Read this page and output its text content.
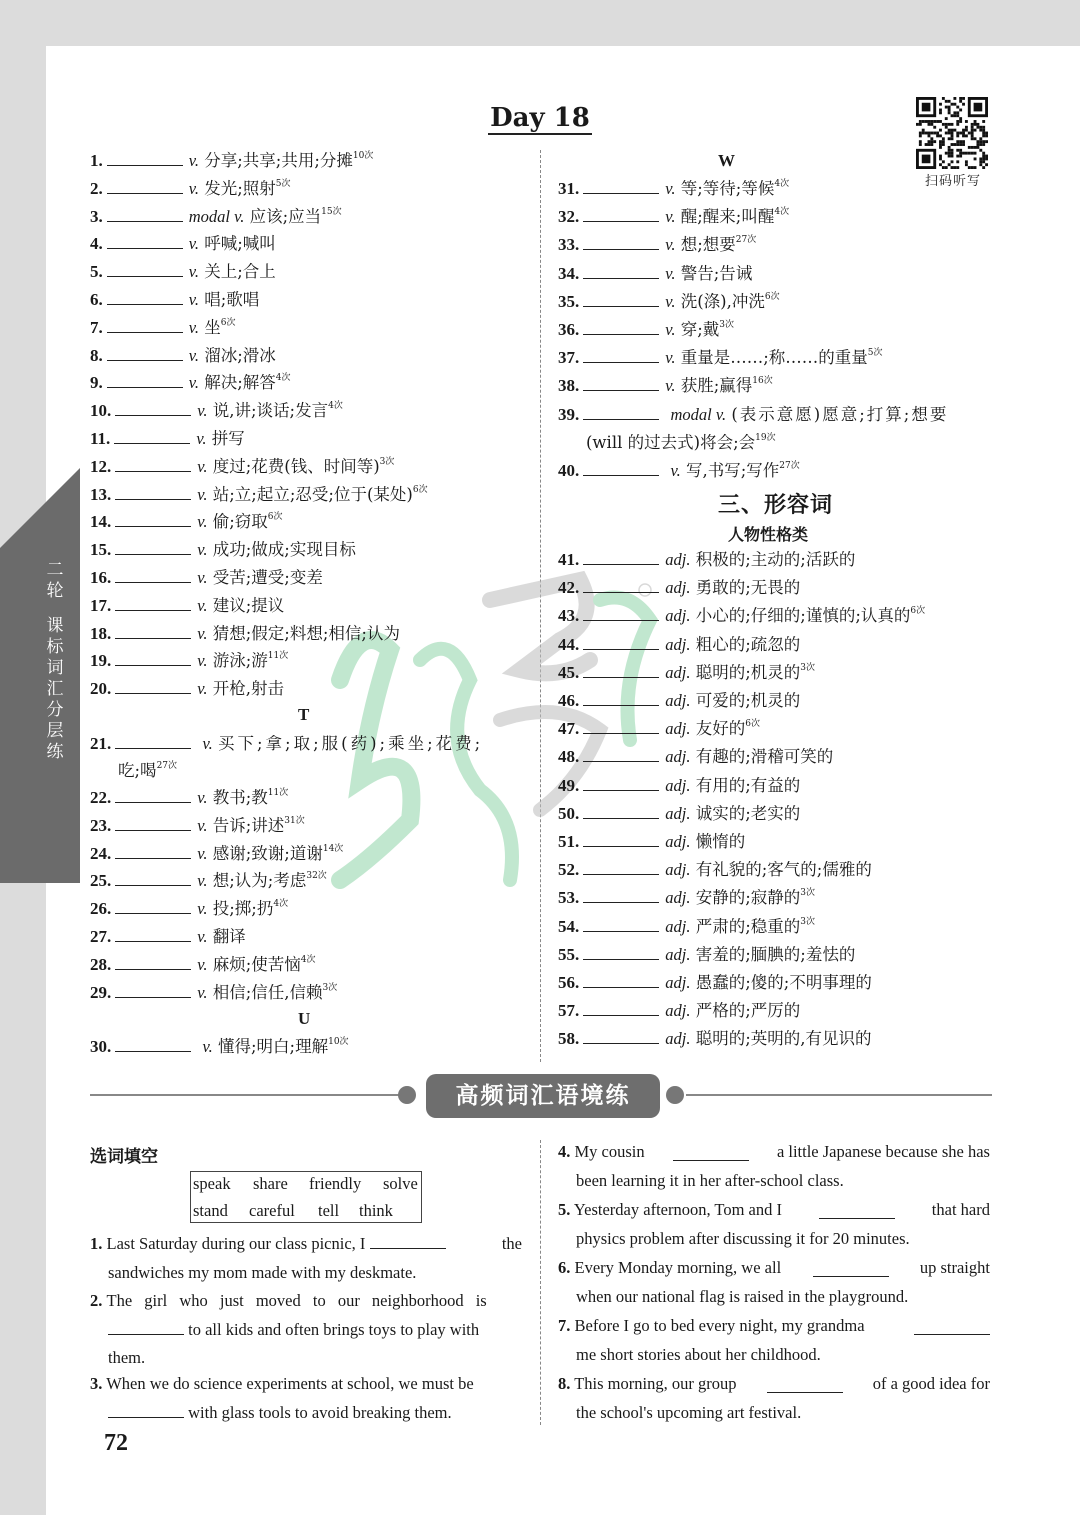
二
轮
课
标
词
汇
分
层
练
Day 18
扫码听写
1.	v. 分享;共享;共用;分摊$^{10次}$
2.	v. 发光;照射$^{5次}$
3.	modal v. 应该;应当$^{15次}$
4.	v. 呼喊;喊叫
5.	v. 关上;合上
6.	v. 唱;歌唱
7.	v. 坐$^{6次}$
8.	v. 溜冰;滑冰
9.	v. 解决;解答$^{4次}$
10.	v. 说,讲;谈话;发言$^{4次}$
11.	v. 拼写
12.	v. 度过;花费(钱、时间等)$^{3次}$
13.	v. 站;立;起立;忍受;位于(某处)$^{6次}$
14.	v. 偷;窃取$^{6次}$
15.	v. 成功;做成;实现目标
16.	v. 受苦;遭受;变差
17.	v. 建议;提议
18.	v. 猜想;假定;料想;相信;认为
19.	v. 游泳;游$^{11次}$
20.	v. 开枪,射击
T
21.	v. 买下;拿;取;服(药);乘坐;花费;
吃;喝$^{27次}$
22.	v. 教书;教$^{11次}$
23.	v. 告诉;讲述$^{31次}$
24.	v. 感谢;致谢;道谢$^{14次}$
25.	v. 想;认为;考虑$^{32次}$
26.	v. 投;掷;扔$^{4次}$
27.	v. 翻译
28.	v. 麻烦;使苦恼$^{4次}$
29.	v. 相信;信任,信赖$^{3次}$
U
30.	v. 懂得;明白;理解$^{10次}$
W
31.	v. 等;等待;等候$^{4次}$
32.	v. 醒;醒来;叫醒$^{4次}$
33.	v. 想;想要$^{27次}$
34.	v. 警告;告诫
35.	v. 洗(涤),冲洗$^{6次}$
36.	v. 穿;戴$^{3次}$
37.	v. 重量是……;称……的重量$^{5次}$
38.	v. 获胜;赢得$^{16次}$
39.	modal v. (表示意愿)愿意;打算;想要
(will 的过去式)将会;会$^{19次}$
40.	v. 写,书写;写作$^{27次}$
三、形容词
人物性格类
41.	adj. 积极的;主动的;活跃的
42.	adj. 勇敢的;无畏的
43.	adj. 小心的;仔细的;谨慎的;认真的$^{6次}$
44.	adj. 粗心的;疏忽的
45.	adj. 聪明的;机灵的$^{3次}$
46.	adj. 可爱的;机灵的
47.	adj. 友好的$^{6次}$
48.	adj. 有趣的;滑稽可笑的
49.	adj. 有用的;有益的
50.	adj. 诚实的;老实的
51.	adj. 懒惰的
52.	adj. 有礼貌的;客气的;儒雅的
53.	adj. 安静的;寂静的$^{3次}$
54.	adj. 严肃的;稳重的$^{3次}$
55.	adj. 害羞的;腼腆的;羞怯的
56.	adj. 愚蠢的;傻的;不明事理的
57.	adj. 严格的;严厉的
58.	adj. 聪明的;英明的,有见识的
高频词汇语境练
选词填空
speak share friendly solve
stand careful tell think
1. Last Saturday during our class picnic, I	the

sandwiches my mom made with my deskmate.
2. The girl who just moved to our neighborhood is
to all kids and often brings toys to play with
them.
3. When we do science experiments at school, we must be
with glass tools to avoid breaking them.
4. My cousin	a little Japanese because she has
been learning it in her after-school class.
5. Yesterday afternoon, Tom and I	that hard
physics problem after discussing it for 20 minutes.
6. Every Monday morning, we all	up straight
when our national flag is raised in the playground.
7. Before I go to bed every night, my grandma
me short stories about her childhood.
8. This morning, our group	of a good idea for
the school's upcoming art festival.
72
